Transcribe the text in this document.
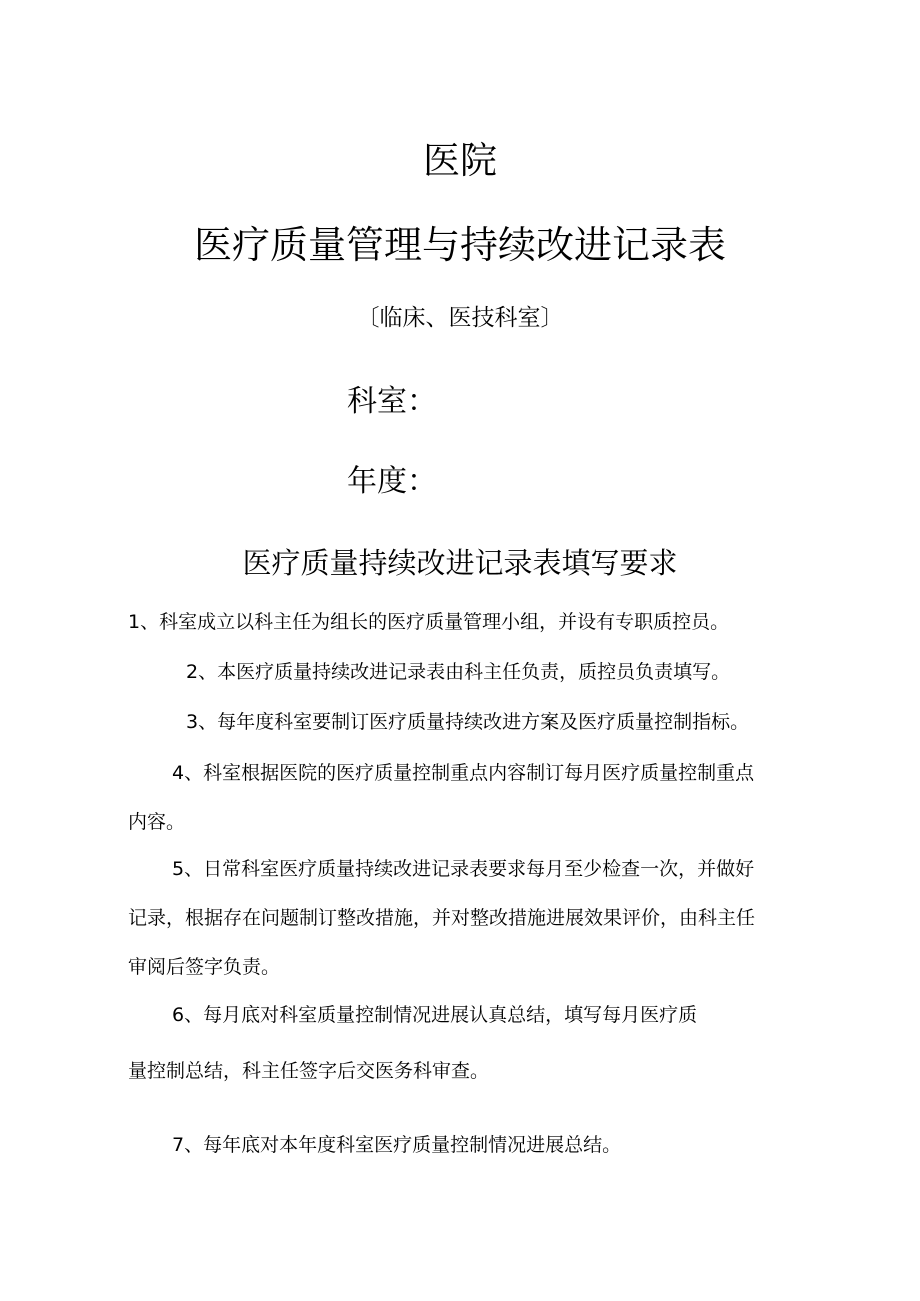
医院
医疗质量管理与持续改进记录表
〔临床、医技科室〕
科室：
年度：
医疗质量持续改进记录表填写要求
1、科室成立以科主任为组长的医疗质量管理小组，并设有专职质控员。
2、本医疗质量持续改进记录表由科主任负责，质控员负责填写。
3、每年度科室要制订医疗质量持续改进方案及医疗质量控制指标。
4、科室根据医院的医疗质量控制重点内容制订每月医疗质量控制重点
内容。
5、日常科室医疗质量持续改进记录表要求每月至少检查一次，并做好
记录，根据存在问题制订整改措施，并对整改措施进展效果评价，由科主任
审阅后签字负责。
6、每月底对科室质量控制情况进展认真总结，填写每月医疗质
量控制总结，科主任签字后交医务科审查。
7、每年底对本年度科室医疗质量控制情况进展总结。
